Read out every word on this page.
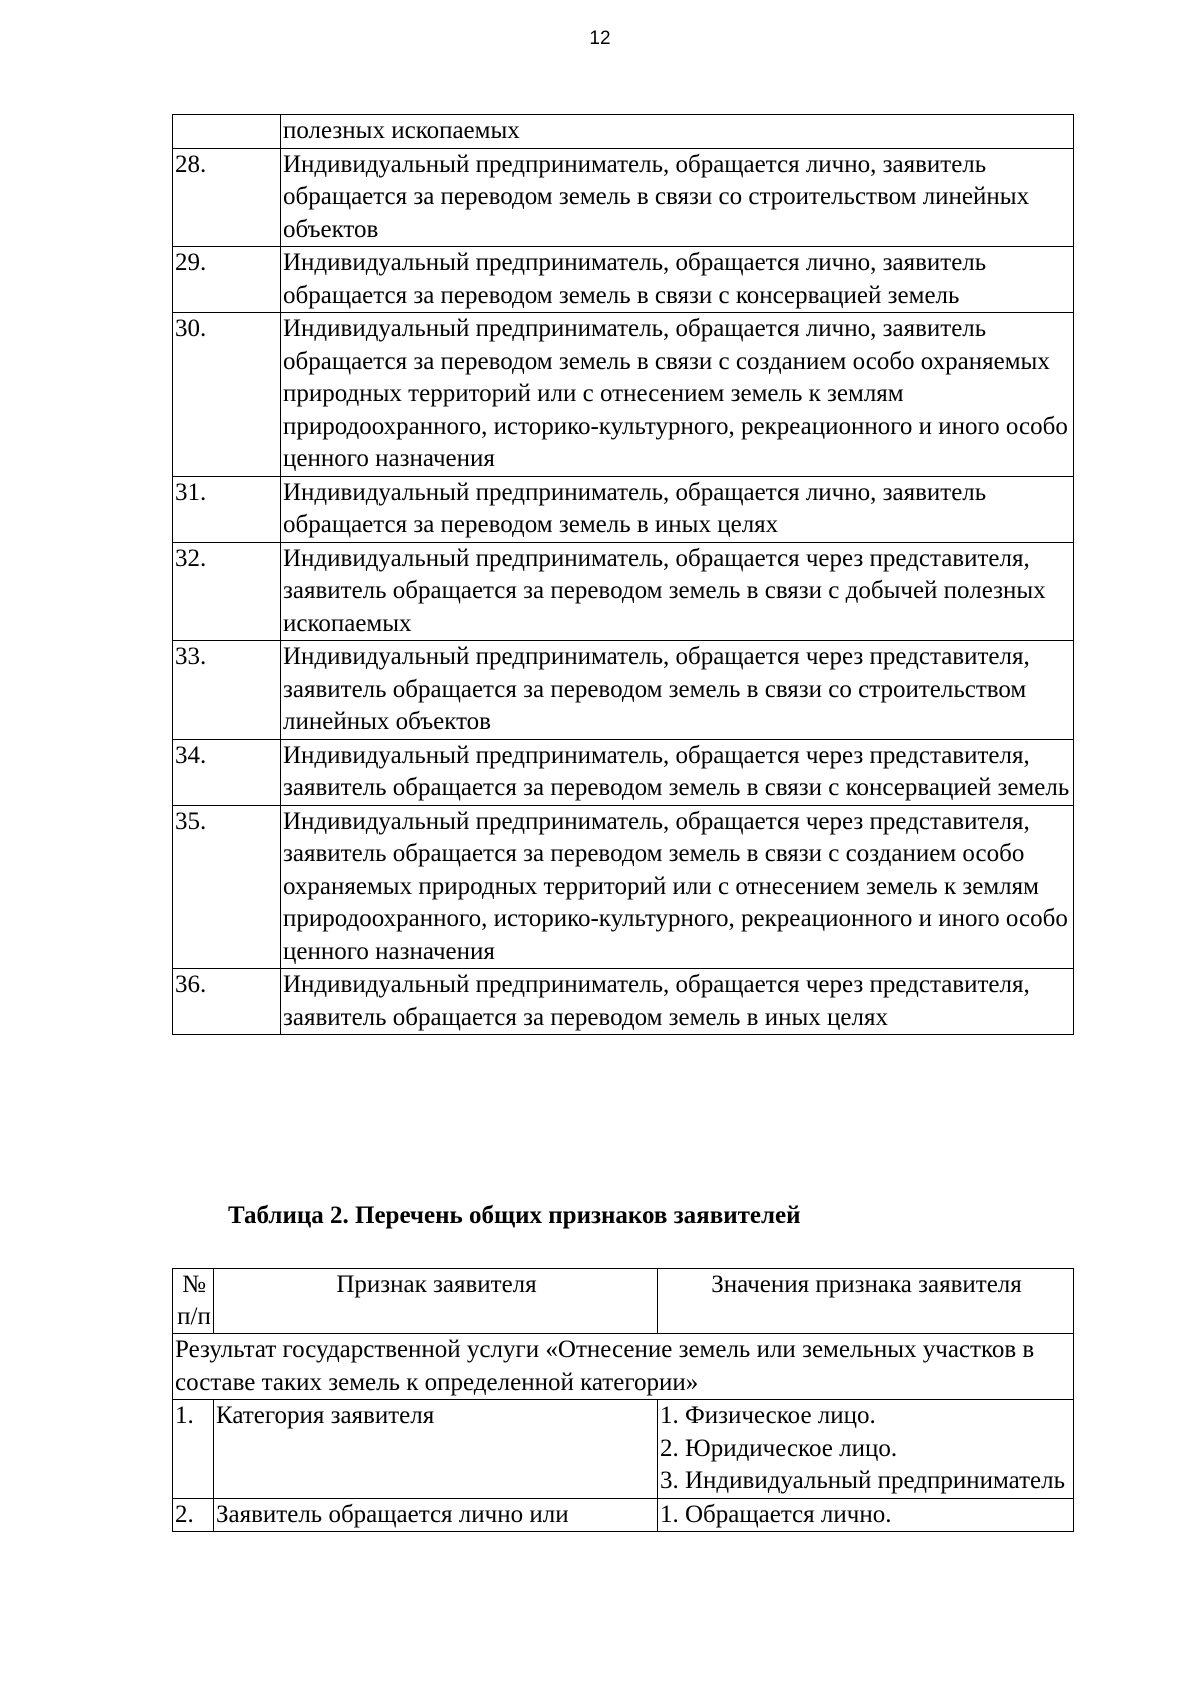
12
	полезных ископаемых
28.	Индивидуальный предприниматель, обращается лично, заявитель обращается за переводом земель в связи со строительством линейных объектов
29.	Индивидуальный предприниматель, обращается лично, заявитель обращается за переводом земель в связи с консервацией земель
30.	Индивидуальный предприниматель, обращается лично, заявитель обращается за переводом земель в связи с созданием особо охраняемых природных территорий или с отнесением земель к землям природоохранного, историко-культурного, рекреационного и иного особо ценного назначения
31.	Индивидуальный предприниматель, обращается лично, заявитель обращается за переводом земель в иных целях
32.	Индивидуальный предприниматель, обращается через представителя, заявитель обращается за переводом земель в связи с добычей полезных ископаемых
33.	Индивидуальный предприниматель, обращается через представителя, заявитель обращается за переводом земель в связи со строительством линейных объектов
34.	Индивидуальный предприниматель, обращается через представителя, заявитель обращается за переводом земель в связи с консервацией земель
35.	Индивидуальный предприниматель, обращается через представителя, заявитель обращается за переводом земель в связи с созданием особо охраняемых природных территорий или с отнесением земель к землям природоохранного, историко-культурного, рекреационного и иного особо ценного назначения
36.	Индивидуальный предприниматель, обращается через представителя, заявитель обращается за переводом земель в иных целях
Таблица 2. Перечень общих признаков заявителей
№ п/п	Признак заявителя	Значения признака заявителя
Результат государственной услуги «Отнесение земель или земельных участков в составе таких земель к определенной категории»		
1.	Категория заявителя	1. Физическое лицо.
2. Юридическое лицо.
3. Индивидуальный предприниматель

2.	Заявитель обращается лично или	1. Обращается лично.
